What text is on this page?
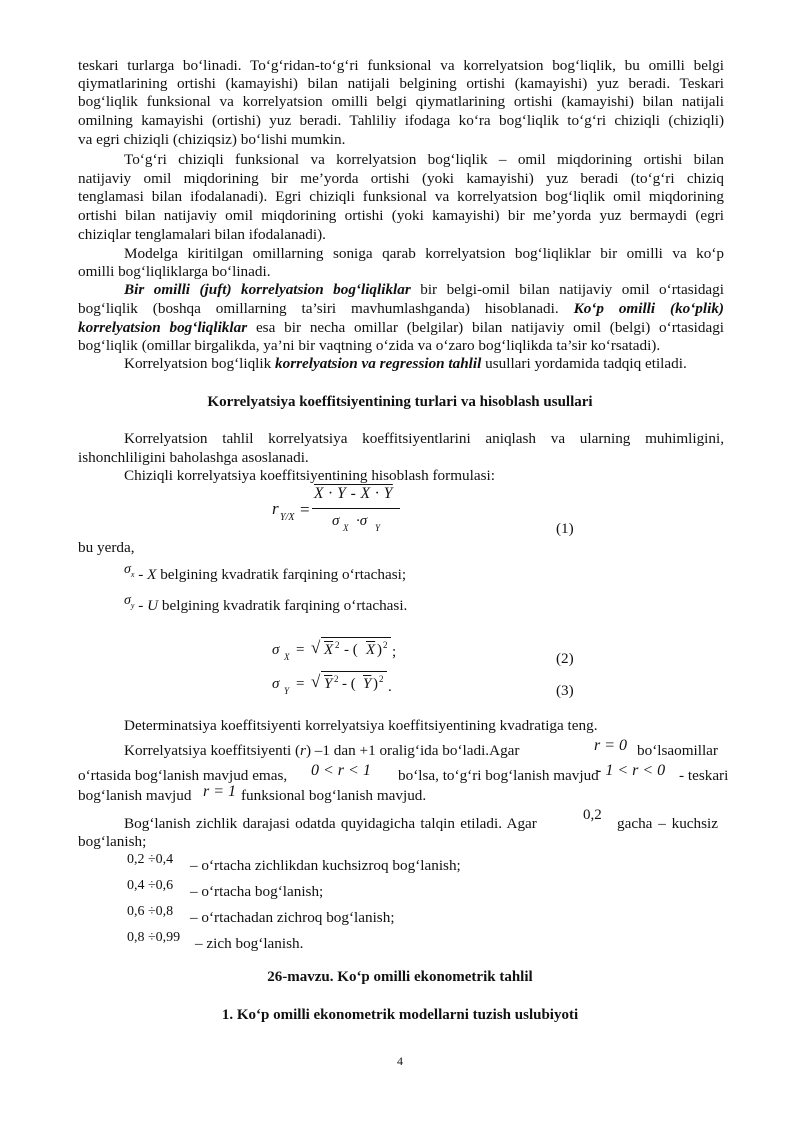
teskari turlarga bo‘linadi. To‘g‘ridan-to‘g‘ri funksional va korrelyatsion bog‘liqlik, bu omilli belgi
qiymatlarining ortishi (kamayishi) bilan natijali belgining ortishi (kamayishi) yuz beradi. Teskari
bog‘liqlik funksional va korrelyatsion omilli belgi qiymatlarining ortishi (kamayishi) bilan natijali
omilning kamayishi (ortishi) yuz beradi. Tahliliy ifodaga ko‘ra bog‘liqlik to‘g‘ri chiziqli (chiziqli)
va egri chiziqli (chiziqsiz) bo‘lishi mumkin.
To‘g‘ri chiziqli funksional va korrelyatsion bog‘liqlik – omil miqdorining ortishi bilan
natijaviy omil miqdorining bir me’yorda ortishi (yoki kamayishi) yuz beradi (to‘g‘ri chiziq
tenglamasi bilan ifodalanadi). Egri chiziqli funksional va korrelyatsion bog‘liqlik omil miqdorining
ortishi bilan natijaviy omil miqdorining ortishi (yoki kamayishi) bir me’yorda yuz bermaydi (egri
chiziqlar tenglamalari bilan ifodalanadi).
Modelga kiritilgan omillarning soniga qarab korrelyatsion bog‘liqliklar bir omilli va ko‘p
omilli bog‘liqliklarga bo‘linadi.
Bir omilli (juft) korrelyatsion bog‘liqliklar bir belgi-omil bilan natijaviy omil o‘rtasidagi
bog‘liqlik (boshqa omillarning ta’siri mavhumlashganda) hisoblanadi. Ko‘p omilli (ko‘plik)
korrelyatsion bog‘liqliklar esa bir necha omillar (belgilar) bilan natijaviy omil (belgi) o‘rtasidagi
bog‘liqlik (omillar birgalikda, ya’ni bir vaqtning o‘zida va o‘zaro bog‘liqlikda ta’sir ko‘rsatadi).
Korrelyatsion bog‘liqlik korrelyatsion va regression tahlil usullari yordamida tadqiq etiladi.
Korrelyatsiya koeffitsiyentining turlari va hisoblash usullari
Korrelyatsion tahlil korrelyatsiya koeffitsiyentlarini aniqlash va ularning muhimligini,
ishonchliligini baholashga asoslanadi.
Chiziqli korrelyatsiya koeffitsiyentining hisoblash formulasi:
r Y/X =
X · Y - X · Y
σ X ·σ Y	(1)
bu yerda,
σx - X belgining kvadratik farqining o‘rtachasi;
σy - U belgining kvadratik farqining o‘rtachasi.
σ X = √ X 2 - ( $\overline{X}$ ) 2 ;	(2)
σ Y = √ Y 2 - ( $\overline{Y}$ ) 2 .	(3)
Determinatsiya koeffitsiyenti korrelyatsiya koeffitsiyentining kvadratiga teng.
Korrelyatsiya koeffitsiyenti (r) –1 dan +1 oralig‘ida bo‘ladi.Agar	r = 0 bo‘lsaomillar
o‘rtasida bog‘lanish mavjud emas, 0 < r < 1 bo‘lsa, to‘g‘ri bog‘lanish mavjud
- 1 < r < 0 - teskari
bog‘lanish mavjud r = 1 funksional bog‘lanish mavjud.
Bog‘lanish zichlik darajasi odatda quyidagicha talqin etiladi. Agar	0,2 gacha – kuchsiz
bog‘lanish;
0,2 ÷0,4 – o‘rtacha zichlikdan kuchsizroq bog‘lanish;
0,4 ÷0,6 – o‘rtacha bog‘lanish;
0,6 ÷0,8 – o‘rtachadan zichroq bog‘lanish;
0,8 ÷0,99 – zich bog‘lanish.
26-mavzu. Ko‘p omilli ekonometrik tahlil
1. Ko‘p omilli ekonometrik modellarni tuzish uslubiyoti
4
